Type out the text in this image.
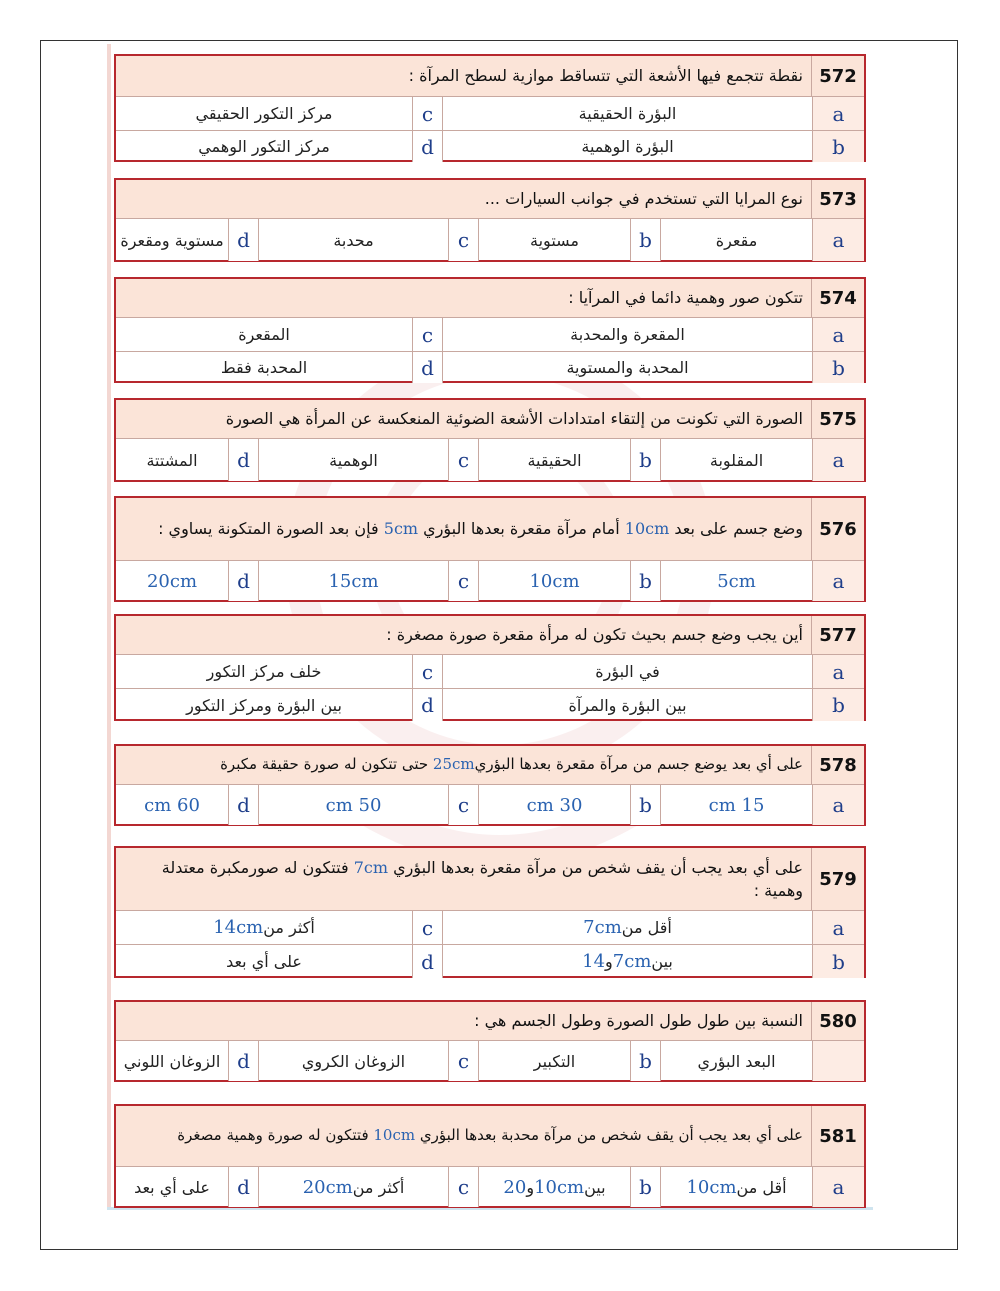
572
نقطة تتجمع فيها الأشعة التي تتساقط موازية لسطح المرآة :
a
البؤرة الحقيقية
c
مركز التكور الحقيقي
b
البؤرة الوهمية
d
مركز التكور الوهمي
573
نوع المرايا التي تستخدم في جوانب السيارات ...
a
مقعرة
b
مستوية
c
محدبة
d
مستوية ومقعرة
574
تتكون صور وهمية دائما في المرآيا :
a
المقعرة والمحدبة
c
المقعرة
b
المحدبة والمستوية
d
المحدبة فقط
575
الصورة التي تكونت من إلتقاء امتدادات الأشعة الضوئية المنعكسة عن المرأة هي الصورة
a
المقلوبة
b
الحقيقية
c
الوهمية
d
المشتتة
576
وضع جسم على بعد 10cm أمام مرآة مقعرة بعدها البؤري 5cm فإن بعد الصورة المتكونة يساوي :
a
5cm
b
10cm
c
15cm
d
20cm
577
أين يجب وضع جسم بحيث تكون له مرأة مقعرة صورة مصغرة :
a
في البؤرة
c
خلف مركز التكور
b
بين البؤرة والمرآة
d
بين البؤرة ومركز التكور
578
على أي بعد يوضع جسم من مرآة مقعرة بعدها البؤري25cm حتى تتكون له صورة حقيقة مكبرة
a
15 cm
b
30 cm
c
50 cm
d
60 cm
579
على أي بعد يجب أن يقف شخص من مرآة مقعرة بعدها البؤري 7cm فتتكون له صورمكبرة معتدلة وهمية :
a
أقل من
7cm
c
أكثر من
14cm
b
بين
7cm
و
14
d
على أي بعد
580
النسبة بين طول طول الصورة وطول الجسم هي :
البعد البؤري
b
التكبير
c
الزوغان الكروي
d
الزوغان اللوني
581
على أي بعد يجب أن يقف شخص من مرآة محدبة بعدها البؤري 10cm فتتكون له صورة وهمية مصغرة
a
أقل من
10cm
b
بين
10cm
و
20
c
أكثر من
20cm
d
على أي بعد
